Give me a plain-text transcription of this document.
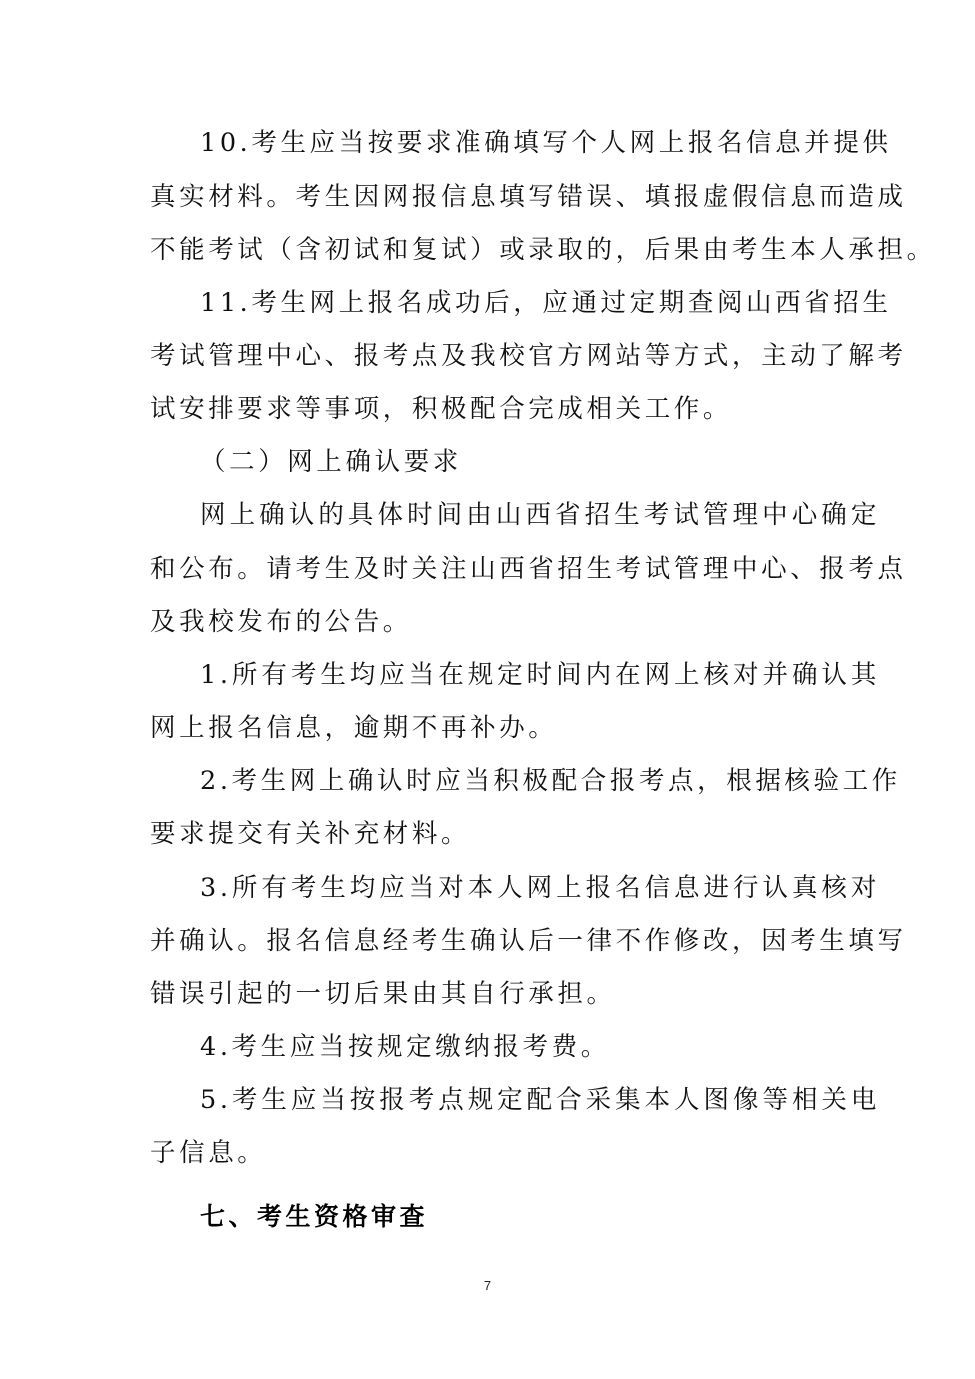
10.考生应当按要求准确填写个人网上报名信息并提供
真实材料。考生因网报信息填写错误、填报虚假信息而造成
不能考试（含初试和复试）或录取的，后果由考生本人承担。
11.考生网上报名成功后，应通过定期查阅山西省招生
考试管理中心、报考点及我校官方网站等方式，主动了解考
试安排要求等事项，积极配合完成相关工作。
（二）网上确认要求
网上确认的具体时间由山西省招生考试管理中心确定
和公布。请考生及时关注山西省招生考试管理中心、报考点
及我校发布的公告。
1.所有考生均应当在规定时间内在网上核对并确认其
网上报名信息，逾期不再补办。
2.考生网上确认时应当积极配合报考点，根据核验工作
要求提交有关补充材料。
3.所有考生均应当对本人网上报名信息进行认真核对
并确认。报名信息经考生确认后一律不作修改，因考生填写
错误引起的一切后果由其自行承担。
4.考生应当按规定缴纳报考费。
5.考生应当按报考点规定配合采集本人图像等相关电
子信息。
七、考生资格审查
7
